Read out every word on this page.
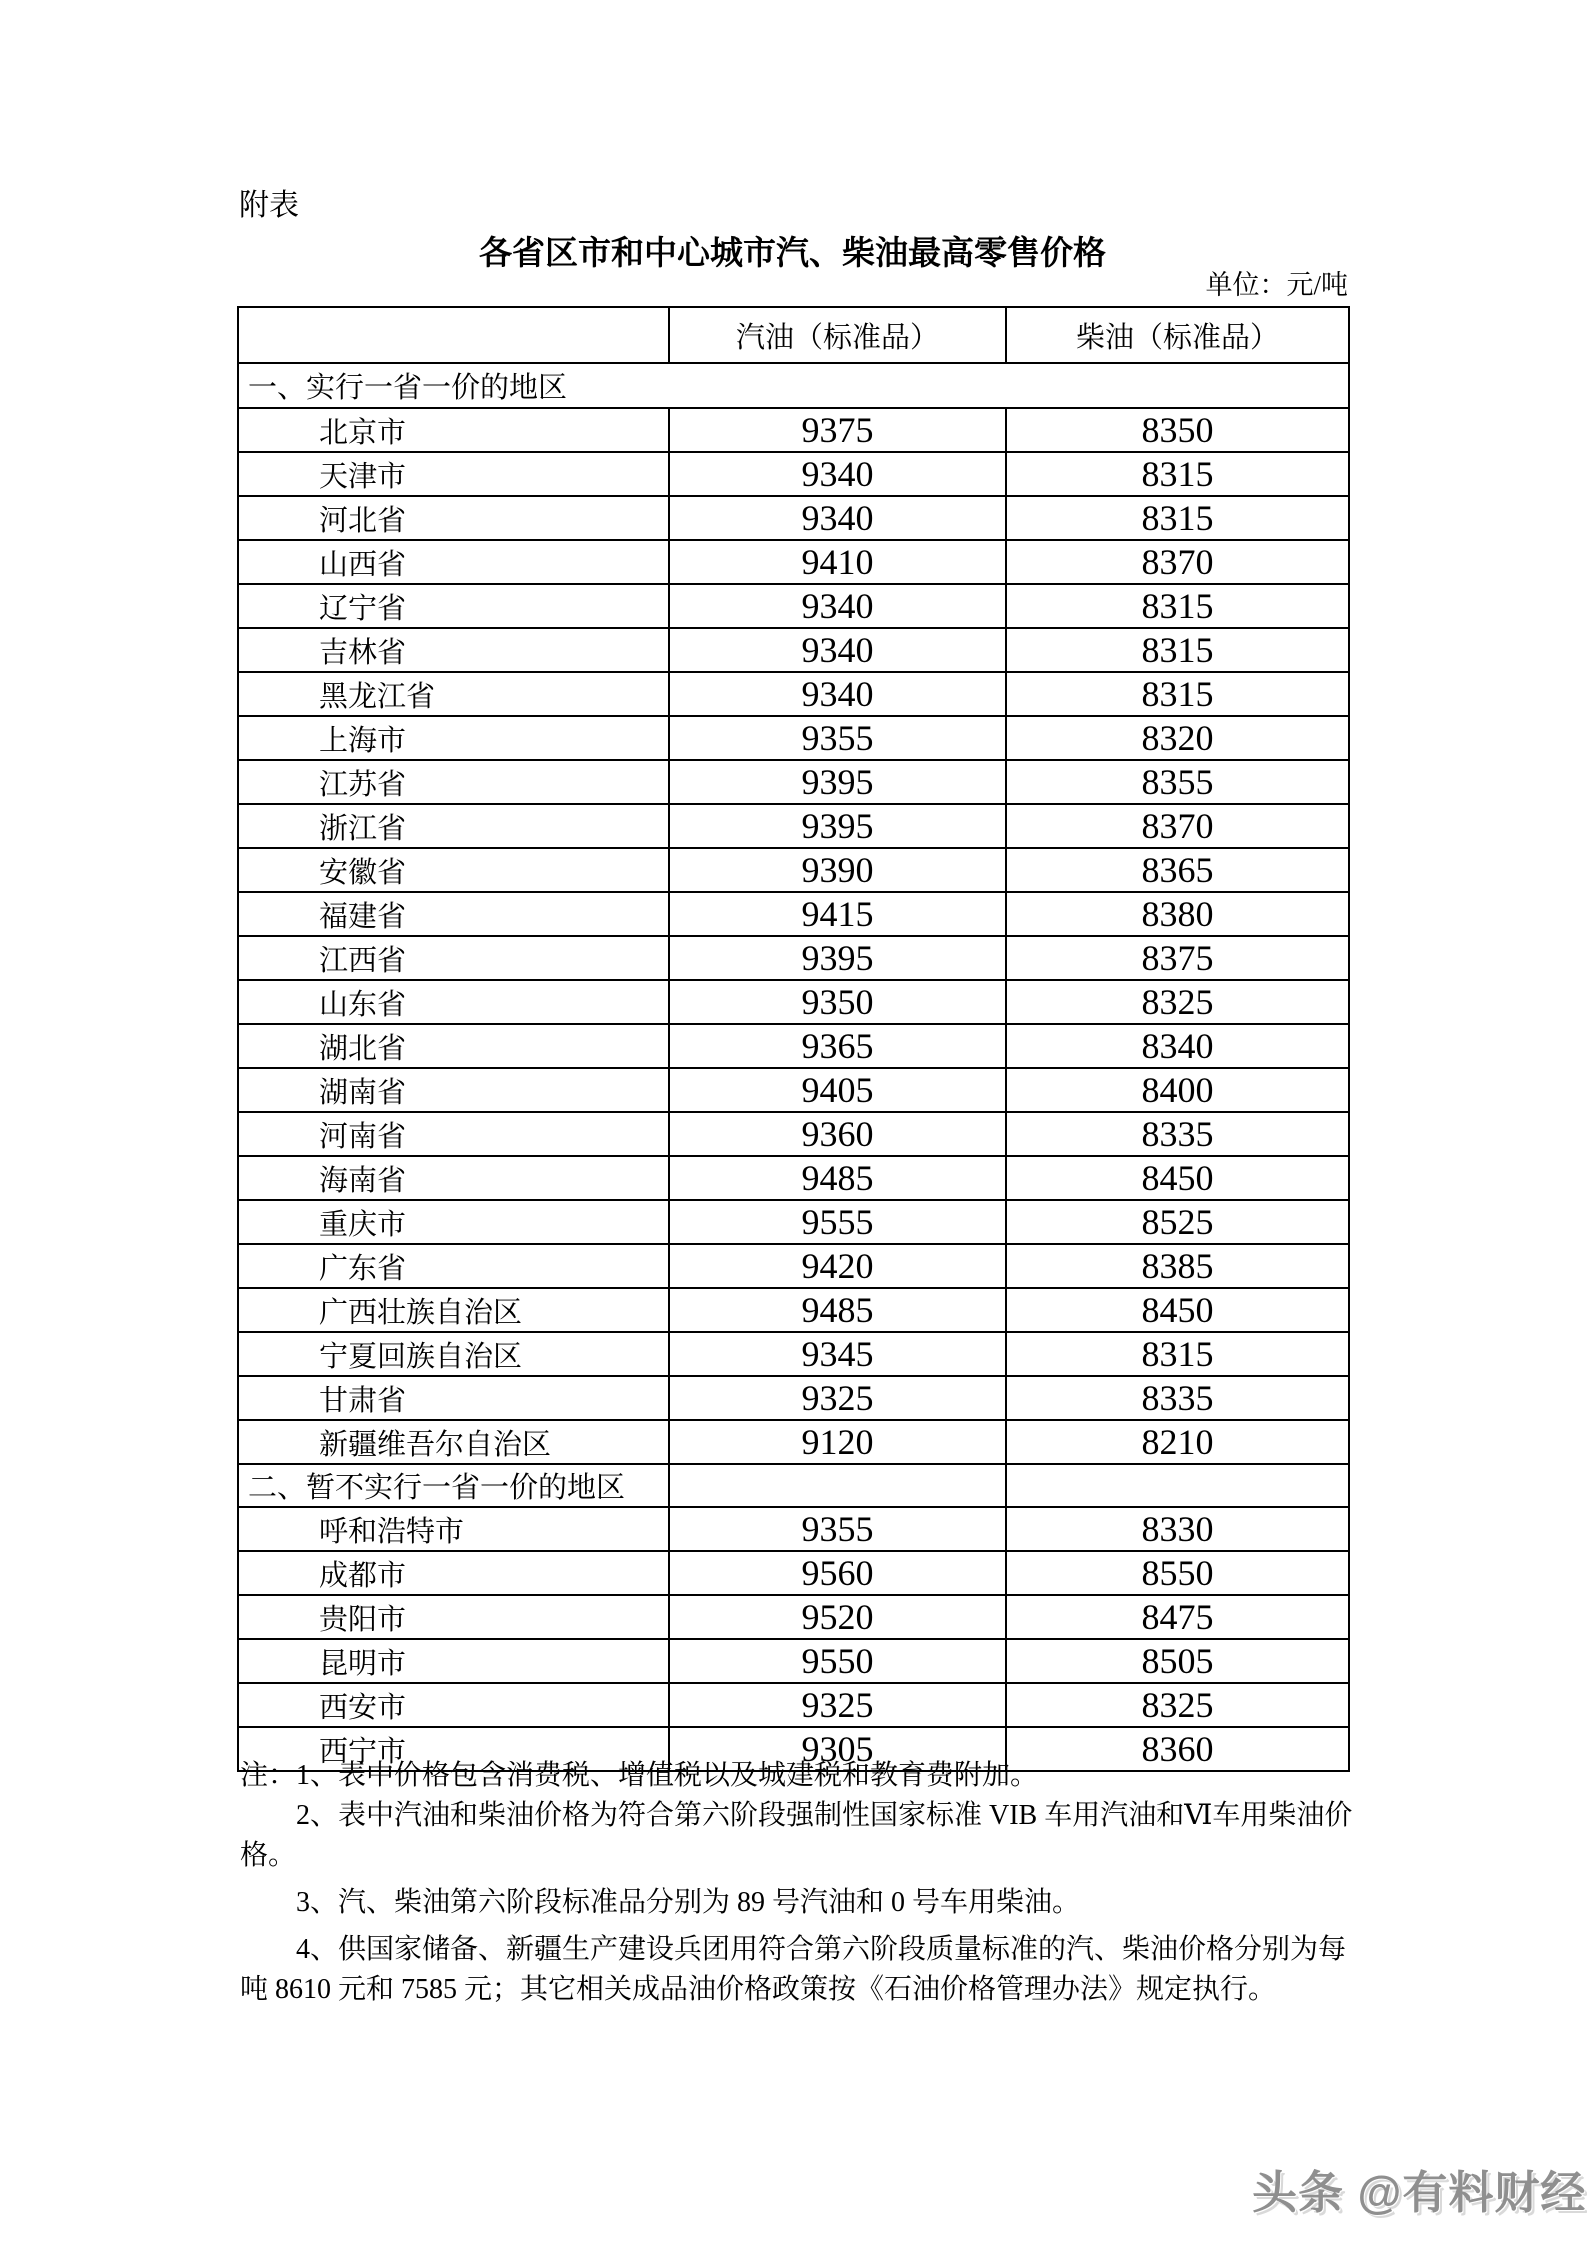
附表
各省区市和中心城市汽、柴油最高零售价格
单位：元/吨
	汽油（标准品）	柴油（标准品）
一、实行一省一价的地区		
北京市	9375	8350
天津市	9340	8315
河北省	9340	8315
山西省	9410	8370
辽宁省	9340	8315
吉林省	9340	8315
黑龙江省	9340	8315
上海市	9355	8320
江苏省	9395	8355
浙江省	9395	8370
安徽省	9390	8365
福建省	9415	8380
江西省	9395	8375
山东省	9350	8325
湖北省	9365	8340
湖南省	9405	8400
河南省	9360	8335
海南省	9485	8450
重庆市	9555	8525
广东省	9420	8385
广西壮族自治区	9485	8450
宁夏回族自治区	9345	8315
甘肃省	9325	8335
新疆维吾尔自治区	9120	8210
二、暂不实行一省一价的地区		
呼和浩特市	9355	8330
成都市	9560	8550
贵阳市	9520	8475
昆明市	9550	8505
西安市	9325	8325
西宁市	9305	8360
注：1、表中价格包含消费税、增值税以及城建税和教育费附加。
2、表中汽油和柴油价格为符合第六阶段强制性国家标准 VIB 车用汽油和Ⅵ车用柴油价
格。
3、汽、柴油第六阶段标准品分别为 89 号汽油和 0 号车用柴油。
4、供国家储备、新疆生产建设兵团用符合第六阶段质量标准的汽、柴油价格分别为每
吨 8610 元和 7585 元；其它相关成品油价格政策按《石油价格管理办法》规定执行。
头条 @有料财经
